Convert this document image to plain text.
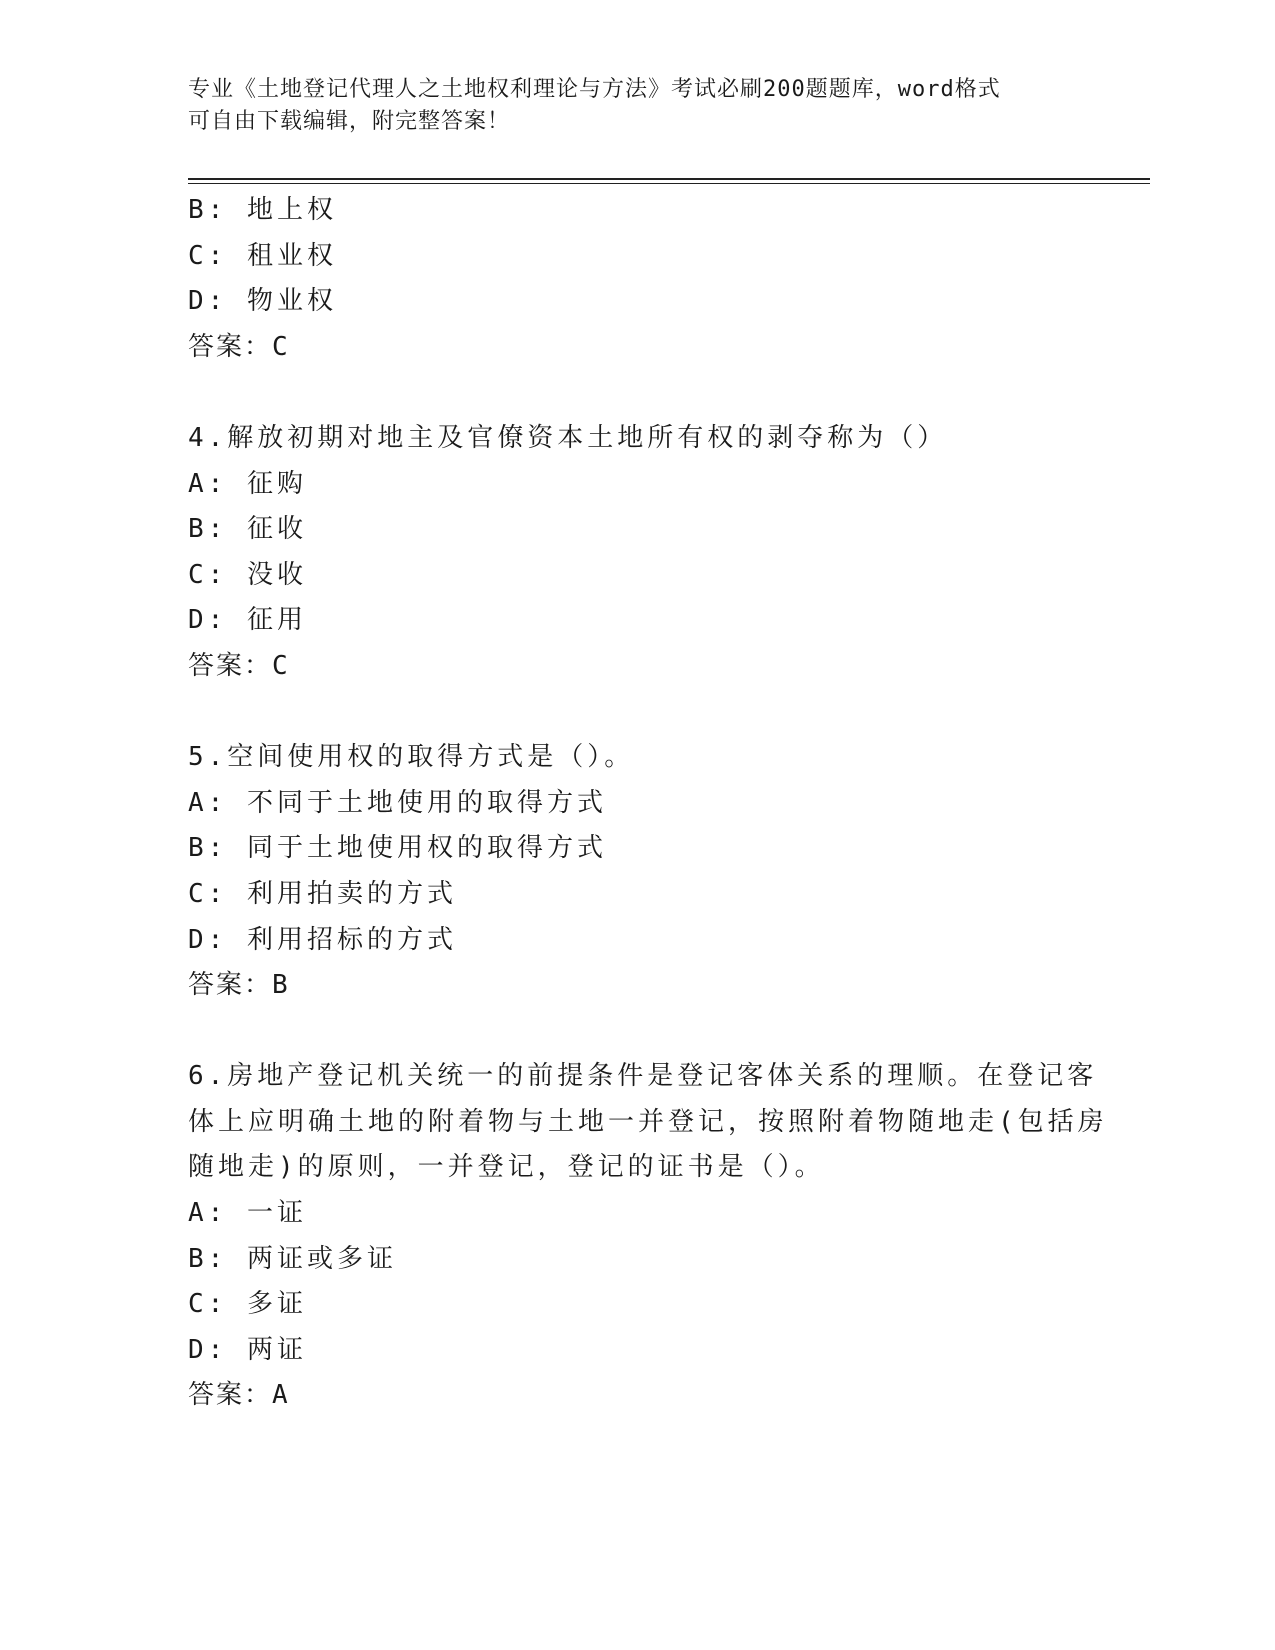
专业《土地登记代理人之土地权利理论与方法》考试必刷200题题库，word格式
可自由下载编辑，附完整答案！
B: 地上权
C: 租业权
D: 物业权
答案：C
4.解放初期对地主及官僚资本土地所有权的剥夺称为（）
A: 征购
B: 征收
C: 没收
D: 征用
答案：C
5.空间使用权的取得方式是（）。
A: 不同于土地使用的取得方式
B: 同于土地使用权的取得方式
C: 利用拍卖的方式
D: 利用招标的方式
答案：B
6.房地产登记机关统一的前提条件是登记客体关系的理顺。在登记客
体上应明确土地的附着物与土地一并登记，按照附着物随地走(包括房
随地走)的原则，一并登记，登记的证书是（）。
A: 一证
B: 两证或多证
C: 多证
D: 两证
答案：A
